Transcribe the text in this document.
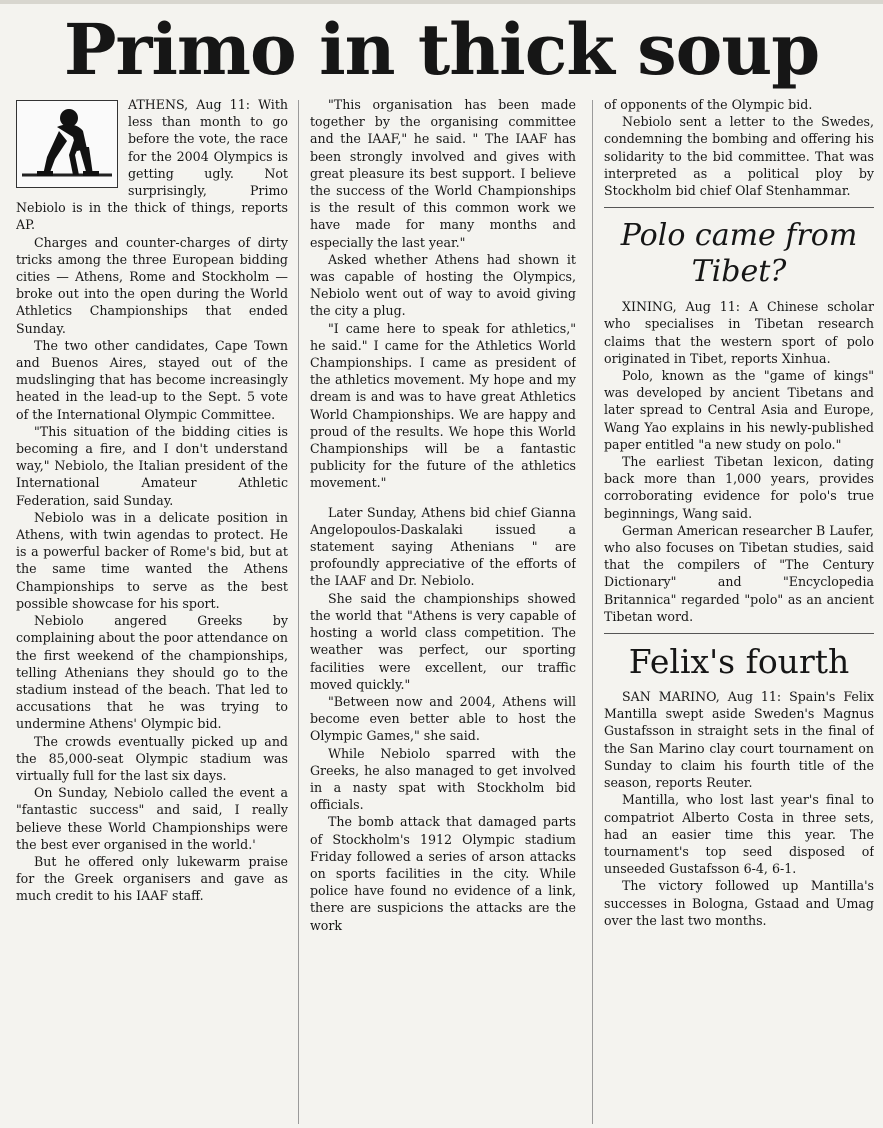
Primo in thick soup

ATHENS, Aug 11: With less than month to go before the vote, the race for the 2004 Olympics is getting ugly. Not surprisingly, Primo Nebiolo is in the thick of things, reports AP.

Charges and counter-charges of dirty tricks among the three European bidding cities — Athens, Rome and Stockholm — broke out into the open during the World Athletics Championships that ended Sunday.

The two other candidates, Cape Town and Buenos Aires, stayed out of the mudslinging that has become increasingly heated in the lead-up to the Sept. 5 vote of the International Olympic Committee.

"This situation of the bidding cities is becoming a fire, and I don't understand way," Nebiolo, the Italian president of the International Amateur Athletic Federation, said Sunday.

Nebiolo was in a delicate position in Athens, with twin agendas to protect. He is a powerful backer of Rome's bid, but at the same time wanted the Athens Championships to serve as the best possible showcase for his sport.

Nebiolo angered Greeks by complaining about the poor attendance on the first weekend of the championships, telling Athenians they should go to the stadium instead of the beach. That led to accusations that he was trying to undermine Athens' Olympic bid.

The crowds eventually picked up and the 85,000-seat Olympic stadium was virtually full for the last six days.

On Sunday, Nebiolo called the event a "fantastic success" and said, I really believe these World Championships were the best ever organised in the world.'

But he offered only lukewarm praise for the Greek organisers and gave as much credit to his IAAF staff.

"This organisation has been made together by the organising committee and the IAAF," he said. " The IAAF has been strongly involved and gives with great pleasure its best support. I believe the success of the World Championships is the result of this common work we have made for many months and especially the last year."

Asked whether Athens had shown it was capable of hosting the Olympics, Nebiolo went out of way to avoid giving the city a plug.

"I came here to speak for athletics," he said." I came for the Athletics World Championships. I came as president of the athletics movement. My hope and my dream is and was to have great Athletics World Championships. We are happy and proud of the results. We hope this World Championships will be a fantastic publicity for the future of the athletics movement."

Later Sunday, Athens bid chief Gianna Angelopoulos-Daskalaki issued a statement saying Athenians " are profoundly appreciative of the efforts of the IAAF and Dr. Nebiolo.

She said the championships showed the world that "Athens is very capable of hosting a world class competition. The weather was perfect, our sporting facilities were excellent, our traffic moved quickly."

"Between now and 2004, Athens will become even better able to host the Olympic Games," she said.

While Nebiolo sparred with the Greeks, he also managed to get involved in a nasty spat with Stockholm bid officials.

The bomb attack that damaged parts of Stockholm's 1912 Olympic stadium Friday followed a series of arson attacks on sports facilities in the city. While police have found no evidence of a link, there are suspicions the attacks are the work

of opponents of the Olympic bid.

Nebiolo sent a letter to the Swedes, condemning the bombing and offering his solidarity to the bid committee. That was interpreted as a political ploy by Stockholm bid chief Olaf Stenhammar.

Polo came from Tibet?

XINING, Aug 11: A Chinese scholar who specialises in Tibetan research claims that the western sport of polo originated in Tibet, reports Xinhua.

Polo, known as the "game of kings" was developed by ancient Tibetans and later spread to Central Asia and Europe, Wang Yao explains in his newly-published paper entitled "a new study on polo."

The earliest Tibetan lexicon, dating back more than 1,000 years, provides corroborating evidence for polo's true beginnings, Wang said.

German American researcher B Laufer, who also focuses on Tibetan studies, said that the compilers of "The Century Dictionary" and "Encyclopedia Britannica" regarded "polo" as an ancient Tibetan word.

Felix's fourth

SAN MARINO, Aug 11: Spain's Felix Mantilla swept aside Sweden's Magnus Gustafsson in straight sets in the final of the San Marino clay court tournament on Sunday to claim his fourth title of the season, reports Reuter.

Mantilla, who lost last year's final to compatriot Alberto Costa in three sets, had an easier time this year. The tournament's top seed disposed of unseeded Gustafsson 6-4, 6-1.

The victory followed up Mantilla's successes in Bologna, Gstaad and Umag over the last two months.
